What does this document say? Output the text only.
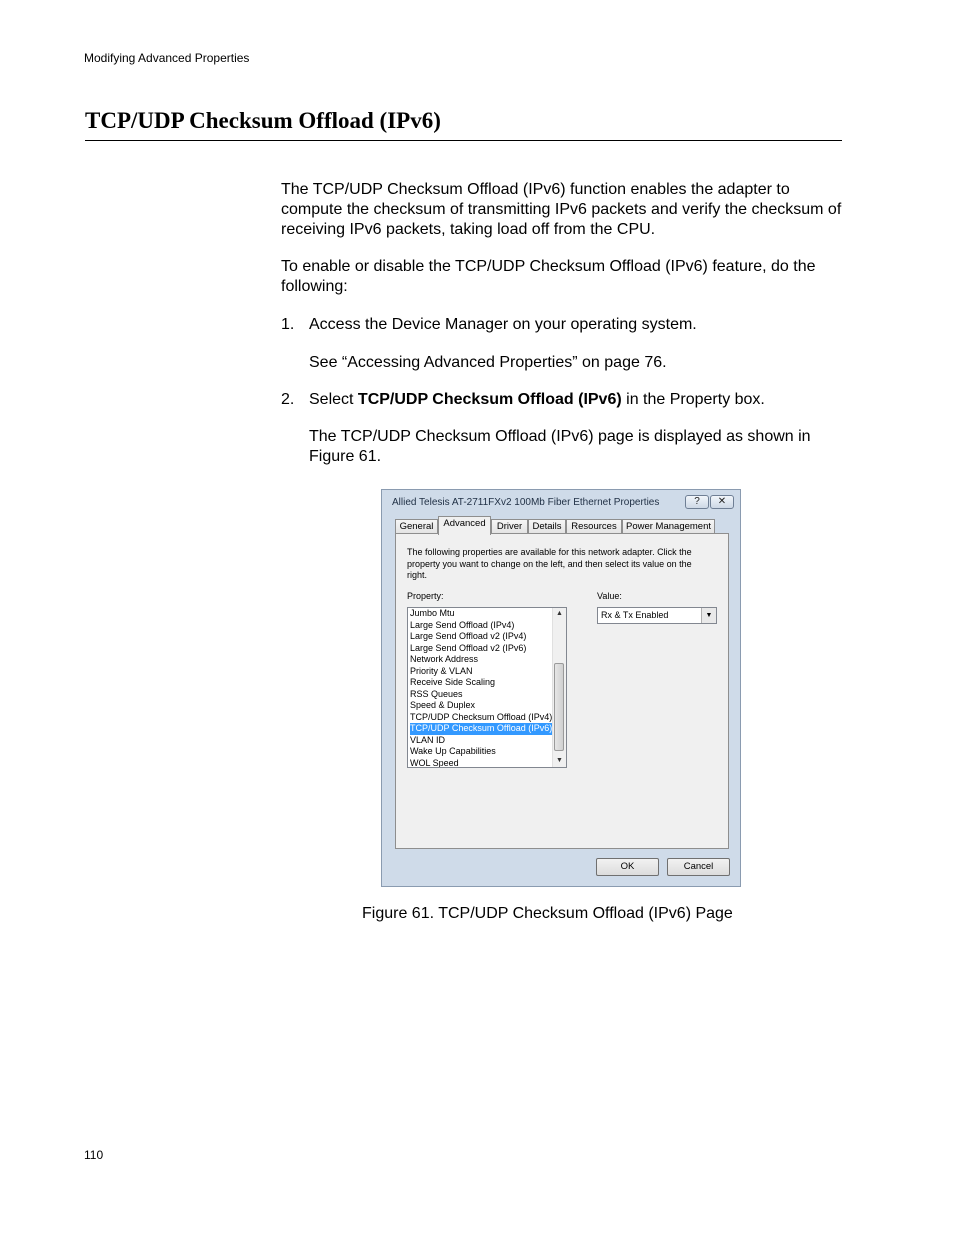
Modifying Advanced Properties
TCP/UDP Checksum Offload (IPv6)

The TCP/UDP Checksum Offload (IPv6) function enables the adapter to compute the checksum of transmitting IPv6 packets and verify the checksum of receiving IPv6 packets, taking load off from the CPU.

To enable or disable the TCP/UDP Checksum Offload (IPv6) feature, do the following:

1. Access the Device Manager on your operating system.
See “Accessing Advanced Properties” on page 76.
2. Select TCP/UDP Checksum Offload (IPv6) in the Property box.

The TCP/UDP Checksum Offload (IPv6) page is displayed as shown in Figure 61.

Allied Telesis AT-2711FXv2 100Mb Fiber Ethernet Properties	?	✕
General	Advanced	Driver	Details	Resources Power Management
The following properties are available for this network adapter. Click the property you want to change on the left, and then select its value on the right.
Property:	Value:
Jumbo Mtu
Large Send Offload (IPv4)
Large Send Offload v2 (IPv4)
Large Send Offload v2 (IPv6)
Network Address
Priority & VLAN
Receive Side Scaling
RSS Queues
Speed & Duplex
TCP/UDP Checksum Offload (IPv4)
TCP/UDP Checksum Offload (IPv6)
VLAN ID
Wake Up Capabilities
WOL Speed
▲
▼
Rx & Tx Enabled	▼
OK	Cancel
Figure 61. TCP/UDP Checksum Offload (IPv6) Page
110
